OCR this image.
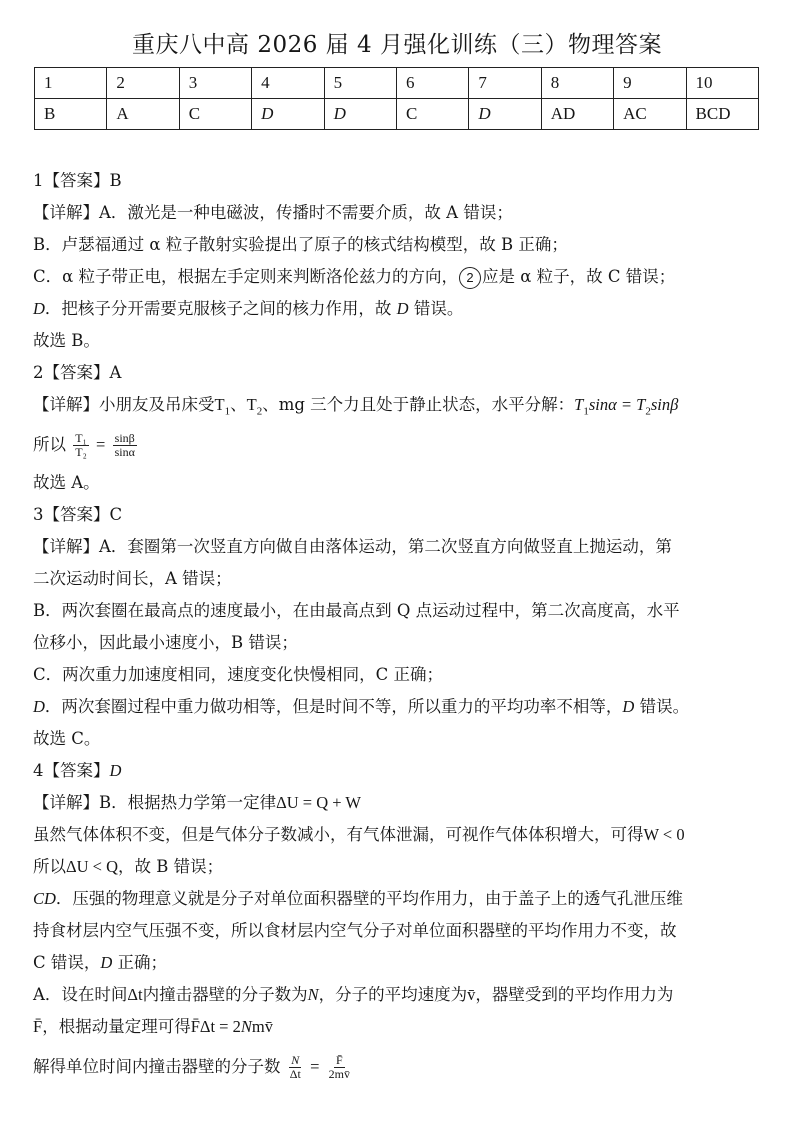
重庆八中高 2026 届 4 月强化训练（三）物理答案
1	2	3	4	5	6	7	8	9	10
B	A	C	D	D	C	D	AD	AC	BCD
1【答案】B
【详解】A．激光是一种电磁波，传播时不需要介质，故 A 错误；
B．卢瑟福通过 α 粒子散射实验提出了原子的核式结构模型，故 B 正确；
C．α 粒子带正电，根据左手定则来判断洛伦兹力的方向， 2 应是 α 粒子，故 C 错误；
D．把核子分开需要克服核子之间的核力作用，故 D 错误。
故选 B。
2【答案】A
【详解】小朋友及吊床受$T_1$、$T_2$、mg 三个力且处于静止状态，水平分解：$T_1\sin\alpha = T_2\sin\beta$
所以 $\frac{\text{T₁}}{\text{T₂}} = \frac{\sin\beta}{\sin\alpha}$
故选 A。
3【答案】C
【详解】A．套圈第一次竖直方向做自由落体运动，第二次竖直方向做竖直上抛运动，第
二次运动时间长，A 错误；
B．两次套圈在最高点的速度最小，在由最高点到 Q 点运动过程中，第二次高度高，水平
位移小，因此最小速度小，B 错误；
C．两次重力加速度相同，速度变化快慢相同，C 正确；
D．两次套圈过程中重力做功相等，但是时间不等，所以重力的平均功率不相等，D 错误。
故选 C。
4【答案】D
【详解】B．根据热力学第一定律ΔU = Q + W
虽然气体体积不变，但是气体分子数减小，有气体泄漏，可视作气体体积增大，可得W < 0
所以ΔU < Q，故 B 错误；
CD．压强的物理意义就是分子对单位面积器壁的平均作用力，由于盖子上的透气孔泄压维
持食材层内空气压强不变，所以食材层内空气分子对单位面积器壁的平均作用力不变，故
C 错误，D 正确；
A．设在时间Δt内撞击器壁的分子数为N，分子的平均速度为v̄，器壁受到的平均作用力为
F̄，根据动量定理可得F̄Δt = 2Nmv̄
解得单位时间内撞击器壁的分子数 $\frac{N}{\Delta t} = \frac{F̄}{2mv̄}$
